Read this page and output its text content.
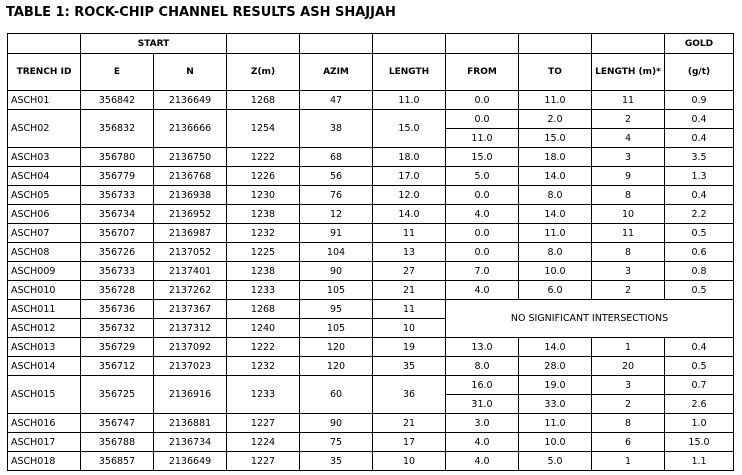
TABLE 1: ROCK-CHIP CHANNEL RESULTS ASH SHAJJAH
	START								GOLD
TRENCH ID	E	N	Z(m)	AZIM	LENGTH	FROM	TO	LENGTH (m)*	(g/t)
ASCH01	356842	2136649	1268	47	11.0	0.0	11.0	11	0.9
ASCH02	356832	2136666	1254	38	15.0	0.0	2.0	2	0.4
						11.0	15.0	4	0.4
ASCH03	356780	2136750	1222	68	18.0	15.0	18.0	3	3.5
ASCH04	356779	2136768	1226	56	17.0	5.0	14.0	9	1.3
ASCH05	356733	2136938	1230	76	12.0	0.0	8.0	8	0.4
ASCH06	356734	2136952	1238	12	14.0	4.0	14.0	10	2.2
ASCH07	356707	2136987	1232	91	11	0.0	11.0	11	0.5
ASCH08	356726	2137052	1225	104	13	0.0	8.0	8	0.6
ASCH009	356733	2137401	1238	90	27	7.0	10.0	3	0.8
ASCH010	356728	2137262	1233	105	21	4.0	6.0	2	0.5
ASCH011	356736	2137367	1268	95	11	NO SIGNIFICANT INTERSECTIONS			
ASCH012	356732	2137312	1240	105	10				
ASCH013	356729	2137092	1222	120	19	13.0	14.0	1	0.4
ASCH014	356712	2137023	1232	120	35	8.0	28.0	20	0.5
ASCH015	356725	2136916	1233	60	36	16.0	19.0	3	0.7
						31.0	33.0	2	2.6
ASCH016	356747	2136881	1227	90	21	3.0	11.0	8	1.0
ASCH017	356788	2136734	1224	75	17	4.0	10.0	6	15.0
ASCH018	356857	2136649	1227	35	10	4.0	5.0	1	1.1
